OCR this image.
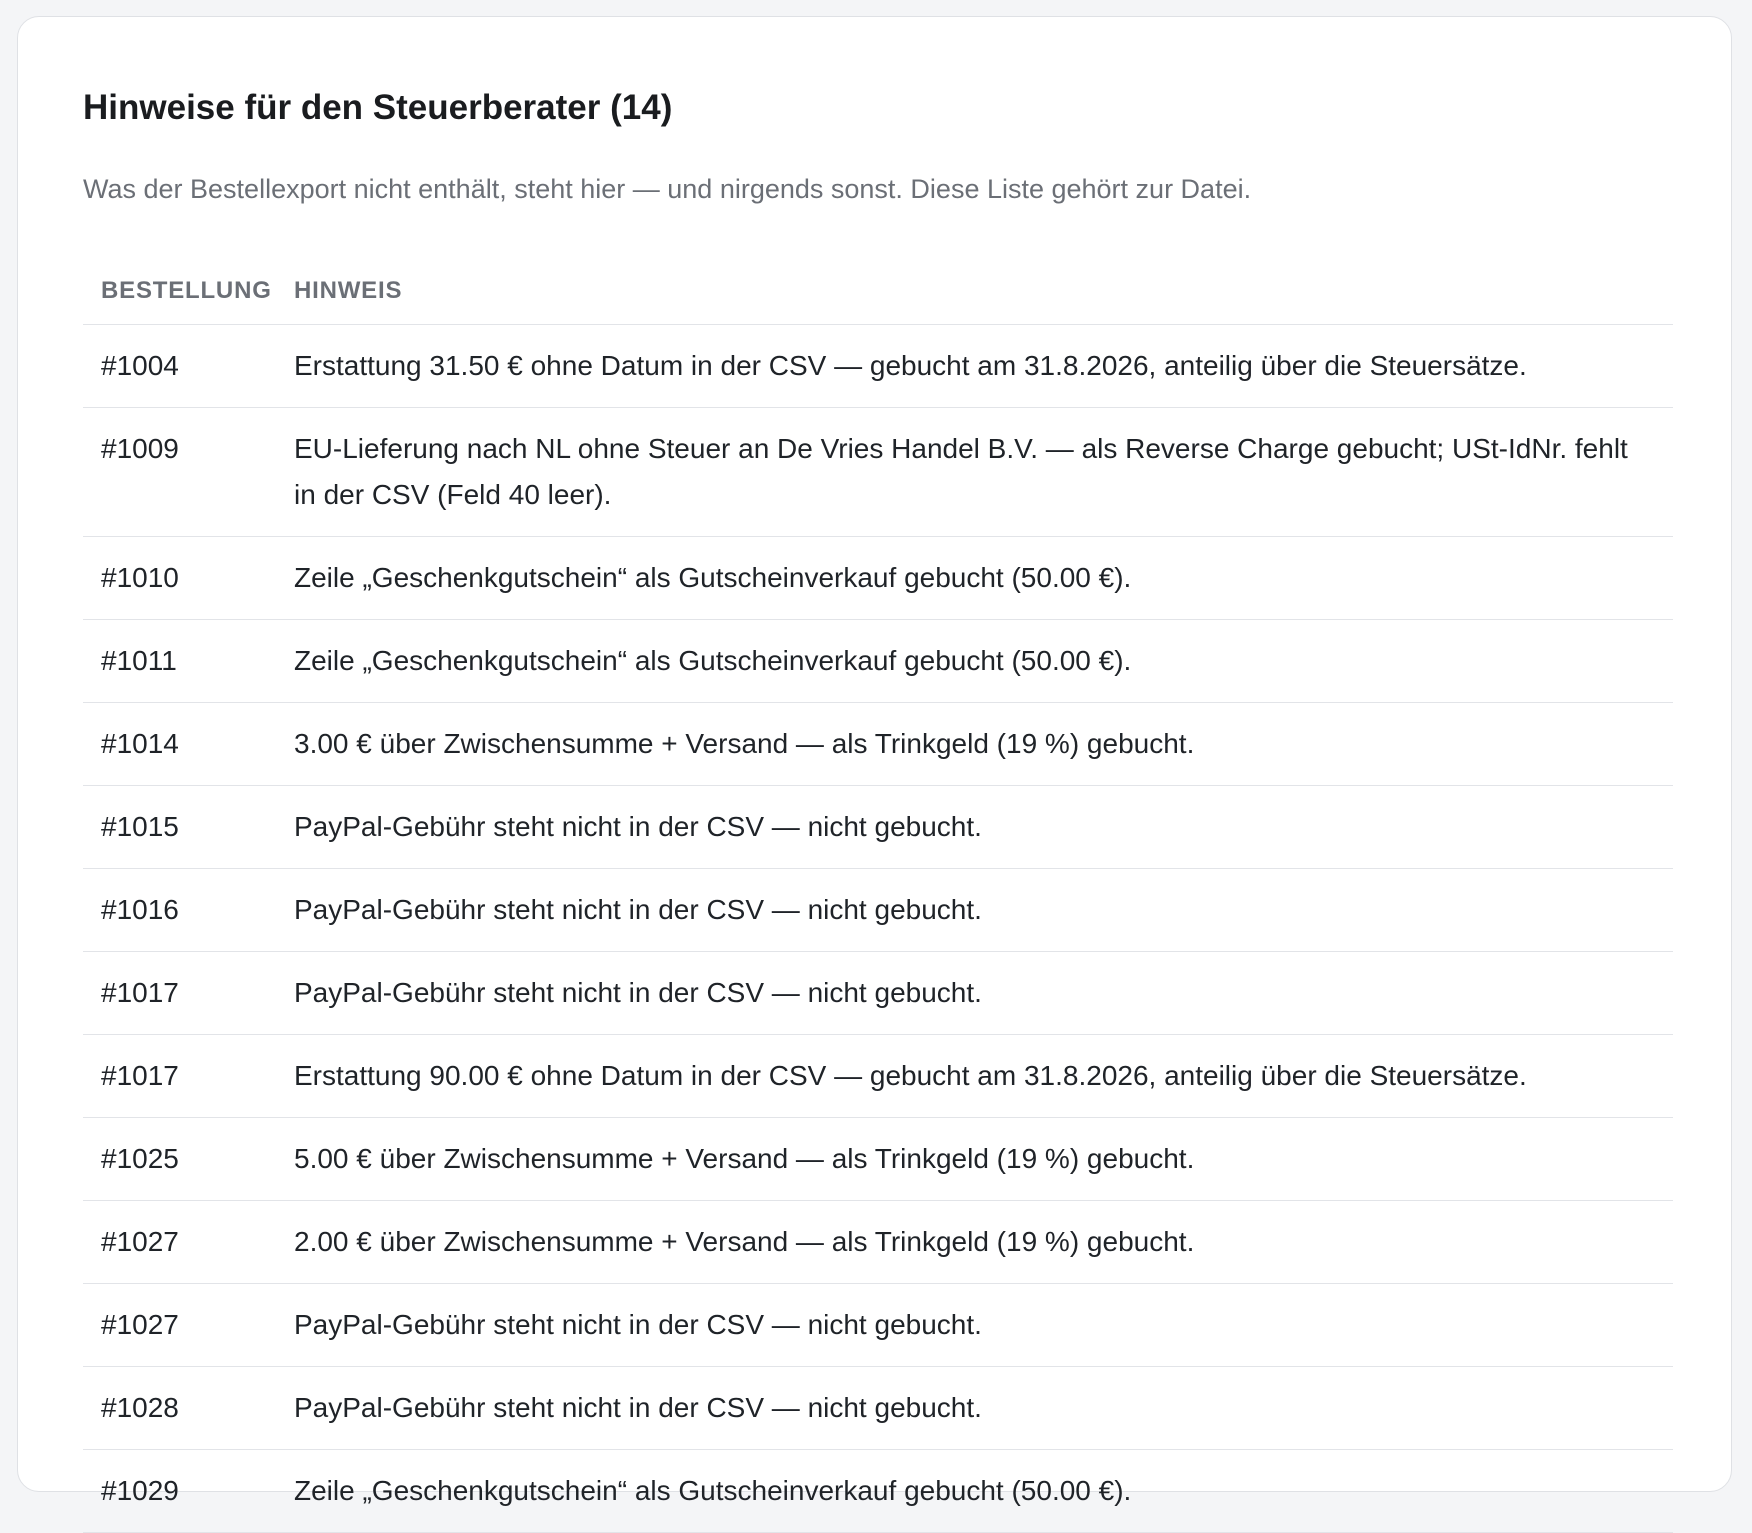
Hinweise für den Steuerberater (14)

Was der Bestellexport nicht enthält, steht hier — und nirgends sonst. Diese Liste gehört zur Datei.

BESTELLUNG	HINWEIS
#1004	Erstattung 31.50 € ohne Datum in der CSV — gebucht am 31.8.2026, anteilig über die Steuersätze.
#1009	EU-Lieferung nach NL ohne Steuer an De Vries Handel B.V. — als Reverse Charge gebucht; USt-IdNr. fehlt in der CSV (Feld 40 leer).
#1010	Zeile „Geschenkgutschein“ als Gutscheinverkauf gebucht (50.00 €).
#1011	Zeile „Geschenkgutschein“ als Gutscheinverkauf gebucht (50.00 €).
#1014	3.00 € über Zwischensumme + Versand — als Trinkgeld (19 %) gebucht.
#1015	PayPal-Gebühr steht nicht in der CSV — nicht gebucht.
#1016	PayPal-Gebühr steht nicht in der CSV — nicht gebucht.
#1017	PayPal-Gebühr steht nicht in der CSV — nicht gebucht.
#1017	Erstattung 90.00 € ohne Datum in der CSV — gebucht am 31.8.2026, anteilig über die Steuersätze.
#1025	5.00 € über Zwischensumme + Versand — als Trinkgeld (19 %) gebucht.
#1027	2.00 € über Zwischensumme + Versand — als Trinkgeld (19 %) gebucht.
#1027	PayPal-Gebühr steht nicht in der CSV — nicht gebucht.
#1028	PayPal-Gebühr steht nicht in der CSV — nicht gebucht.
#1029	Zeile „Geschenkgutschein“ als Gutscheinverkauf gebucht (50.00 €).
